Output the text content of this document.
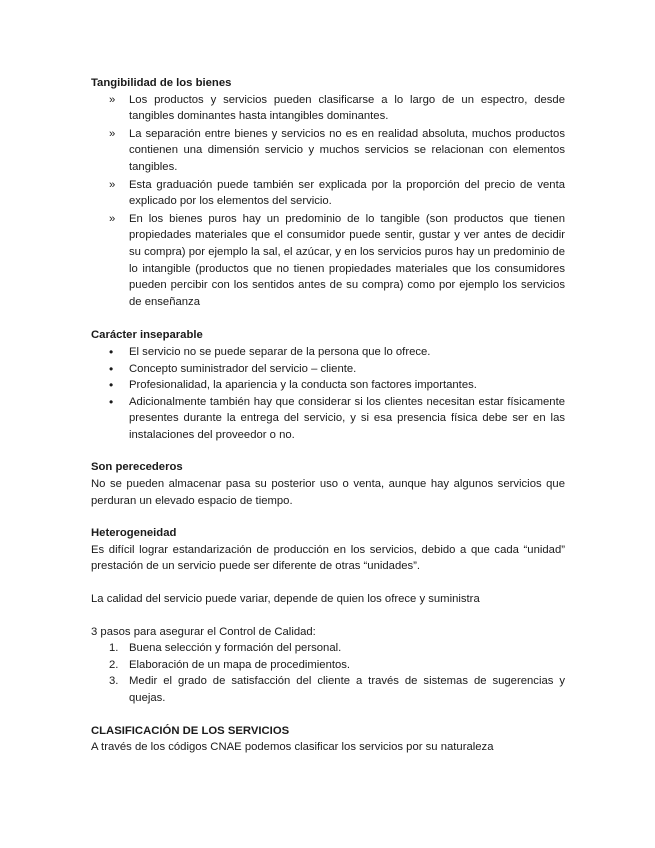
Tangibilidad de los bienes

»	Los productos y servicios pueden clasificarse a lo largo de un espectro, desde tangibles dominantes hasta intangibles dominantes.
»	La separación entre bienes y servicios no es en realidad absoluta, muchos productos contienen una dimensión servicio y muchos servicios se relacionan con elementos tangibles.
»	Esta graduación puede también ser explicada por la proporción del precio de venta explicado por los elementos del servicio.
»	En los bienes puros hay un predominio de lo tangible (son productos que tienen propiedades materiales que el consumidor puede sentir, gustar y ver antes de decidir su compra) por ejemplo la sal, el azúcar, y en los servicios puros hay un predominio de lo intangible (productos que no tienen propiedades materiales que los consumidores pueden percibir con los sentidos antes de su compra) como por ejemplo los servicios de enseñanza

Carácter inseparable

•	El servicio no se puede separar de la persona que lo ofrece.
•	Concepto suministrador del servicio – cliente.
•	Profesionalidad, la apariencia y la conducta son factores importantes.
•	Adicionalmente también hay que considerar si los clientes necesitan estar físicamente presentes durante la entrega del servicio, y si esa presencia física debe ser en las instalaciones del proveedor o no.

Son perecederos

No se pueden almacenar pasa su posterior uso o venta, aunque hay algunos servicios que perduran un elevado espacio de tiempo.

Heterogeneidad

Es difícil lograr estandarización de producción en los servicios, debido a que cada “unidad” prestación de un servicio puede ser diferente de otras “unidades”.

La calidad del servicio puede variar, depende de quien los ofrece y suministra

3 pasos para asegurar el Control de Calidad:

1. Buena selección y formación del personal.
2. Elaboración de un mapa de procedimientos.
3. Medir el grado de satisfacción del cliente a través de sistemas de sugerencias y quejas.

CLASIFICACIÓN DE LOS SERVICIOS

A través de los códigos CNAE podemos clasificar los servicios por su naturaleza
